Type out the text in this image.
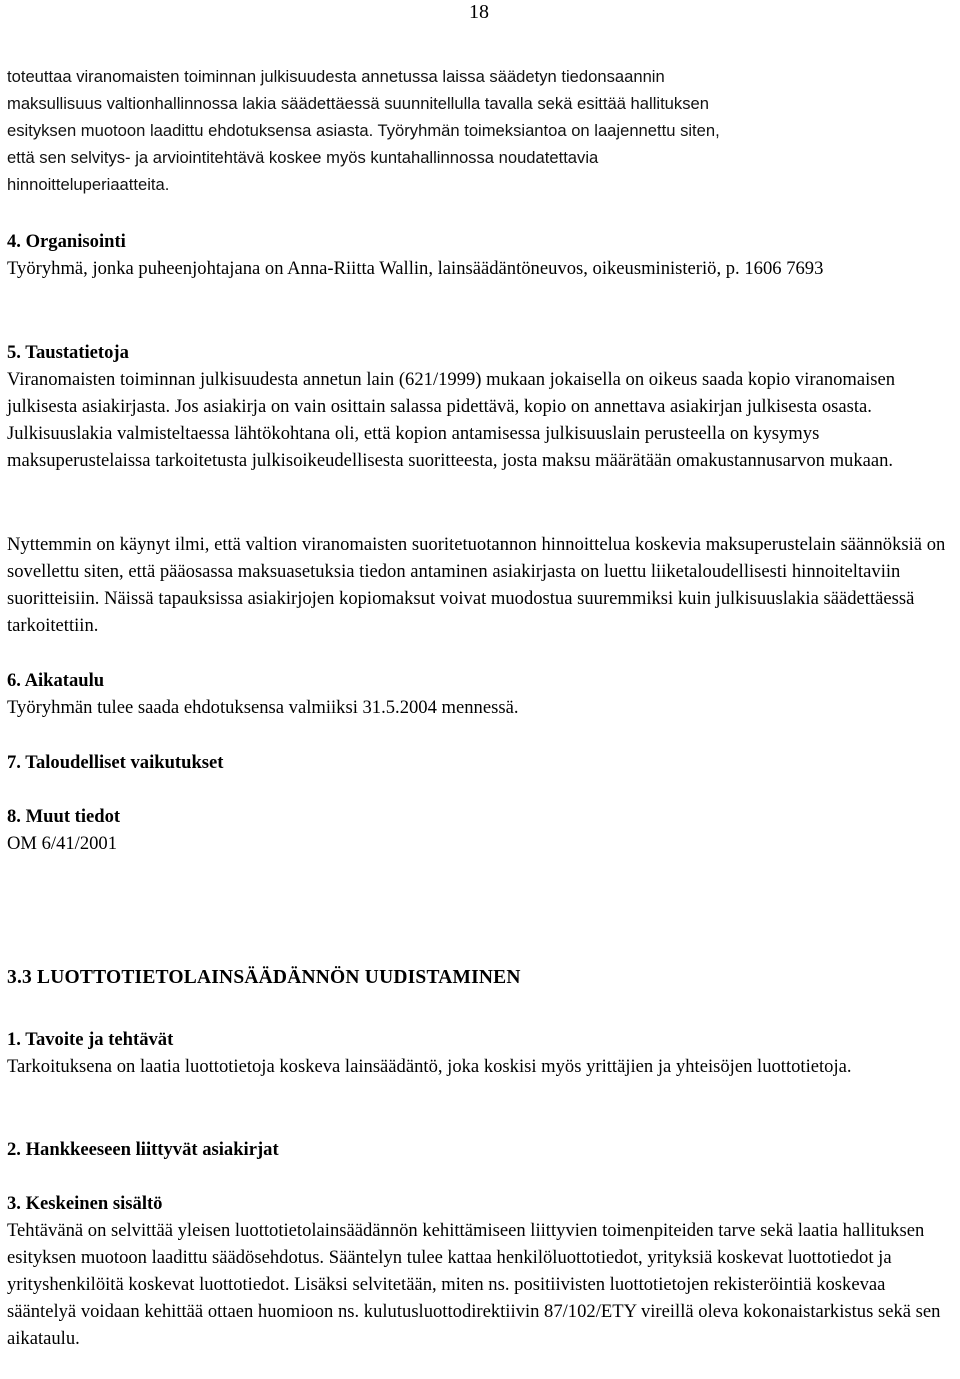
18
toteuttaa viranomaisten toiminnan julkisuudesta annetussa laissa säädetyn tiedonsaannin
maksullisuus valtionhallinnossa lakia säädettäessä suunnitellulla tavalla sekä esittää hallituksen
esityksen muotoon laadittu ehdotuksensa asiasta. Työryhmän toimeksiantoa on laajennettu siten,
että sen selvitys- ja arviointitehtävä koskee myös kuntahallinnossa noudatettavia
hinnoitteluperiaatteita.
4. Organisointi

Työryhmä, jonka puheenjohtajana on Anna-Riitta Wallin, lainsäädäntöneuvos, oikeusministeriö, p. 1606 7693

5. Taustatietoja

Viranomaisten toiminnan julkisuudesta annetun lain (621/1999) mukaan jokaisella on oikeus saada kopio viranomaisen julkisesta asiakirjasta. Jos asiakirja on vain osittain salassa pidettävä, kopio on annettava asiakirjan julkisesta osasta. Julkisuuslakia valmisteltaessa lähtökohtana oli, että kopion antamisessa julkisuuslain perusteella on kysymys maksuperustelaissa tarkoitetusta julkisoikeudellisesta suoritteesta, josta maksu määrätään omakustannusarvon mukaan.

Nyttemmin on käynyt ilmi, että valtion viranomaisten suoritetuotannon hinnoittelua koskevia maksuperustelain säännöksiä on sovellettu siten, että pääosassa maksuasetuksia tiedon antaminen asiakirjasta on luettu liiketaloudellisesti hinnoiteltaviin suoritteisiin. Näissä tapauksissa asiakirjojen kopiomaksut voivat muodostua suuremmiksi kuin julkisuuslakia säädettäessä tarkoitettiin.

6. Aikataulu

Työryhmän tulee saada ehdotuksensa valmiiksi 31.5.2004 mennessä.

7. Taloudelliset vaikutukset
8. Muut tiedot

OM 6/41/2001

3.3 LUOTTOTIETOLAINSÄÄDÄNNÖN UUDISTAMINEN
1. Tavoite ja tehtävät

Tarkoituksena on laatia luottotietoja koskeva lainsäädäntö, joka koskisi myös yrittäjien ja yhteisöjen luottotietoja.

2. Hankkeeseen liittyvät asiakirjat
3. Keskeinen sisältö

Tehtävänä on selvittää yleisen luottotietolainsäädännön kehittämiseen liittyvien toimenpiteiden tarve sekä laatia hallituksen esityksen muotoon laadittu säädösehdotus. Sääntelyn tulee kattaa henkilöluottotiedot, yrityksiä koskevat luottotiedot ja yrityshenkilöitä koskevat luottotiedot. Lisäksi selvitetään, miten ns. positiivisten luottotietojen rekisteröintiä koskevaa sääntelyä voidaan kehittää ottaen huomioon ns. kulutusluottodirektiivin 87/102/ETY vireillä oleva kokonaistarkistus sekä sen aikataulu.
